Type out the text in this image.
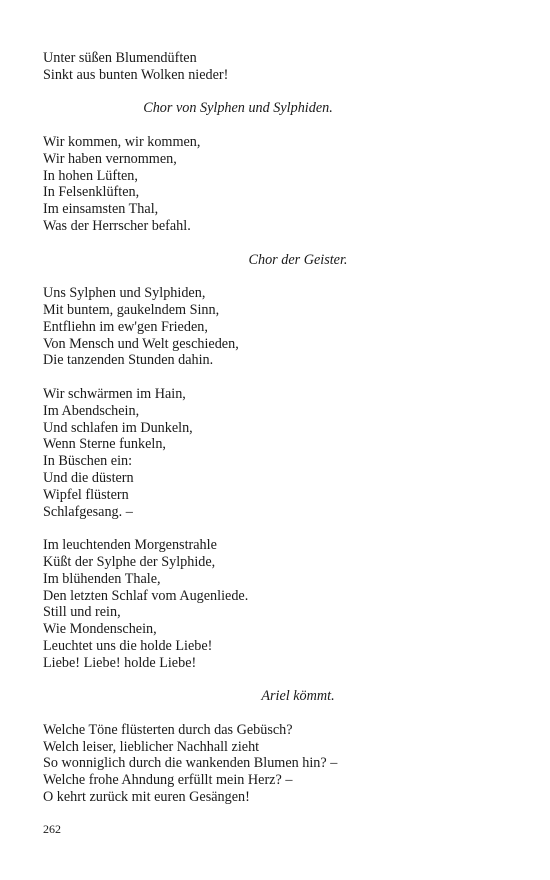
Unter süßen Blumendüften
Sinkt aus bunten Wolken nieder!
Chor von Sylphen und Sylphiden.
Wir kommen, wir kommen,
Wir haben vernommen,
In hohen Lüften,
In Felsenklüften,
Im einsamsten Thal,
Was der Herrscher befahl.
Chor der Geister.
Uns Sylphen und Sylphiden,
Mit buntem, gaukelndem Sinn,
Entfliehn im ew'gen Frieden,
Von Mensch und Welt geschieden,
Die tanzenden Stunden dahin.
Wir schwärmen im Hain,
Im Abendschein,
Und schlafen im Dunkeln,
Wenn Sterne funkeln,
In Büschen ein:
Und die düstern
Wipfel flüstern
Schlafgesang. –
Im leuchtenden Morgenstrahle
Küßt der Sylphe der Sylphide,
Im blühenden Thale,
Den letzten Schlaf vom Augenliede.
Still und rein,
Wie Mondenschein,
Leuchtet uns die holde Liebe!
Liebe! Liebe! holde Liebe!
Ariel kömmt.
Welche Töne flüsterten durch das Gebüsch?
Welch leiser, lieblicher Nachhall zieht
So wonniglich durch die wankenden Blumen hin? –
Welche frohe Ahndung erfüllt mein Herz? –
O kehrt zurück mit euren Gesängen!
262
